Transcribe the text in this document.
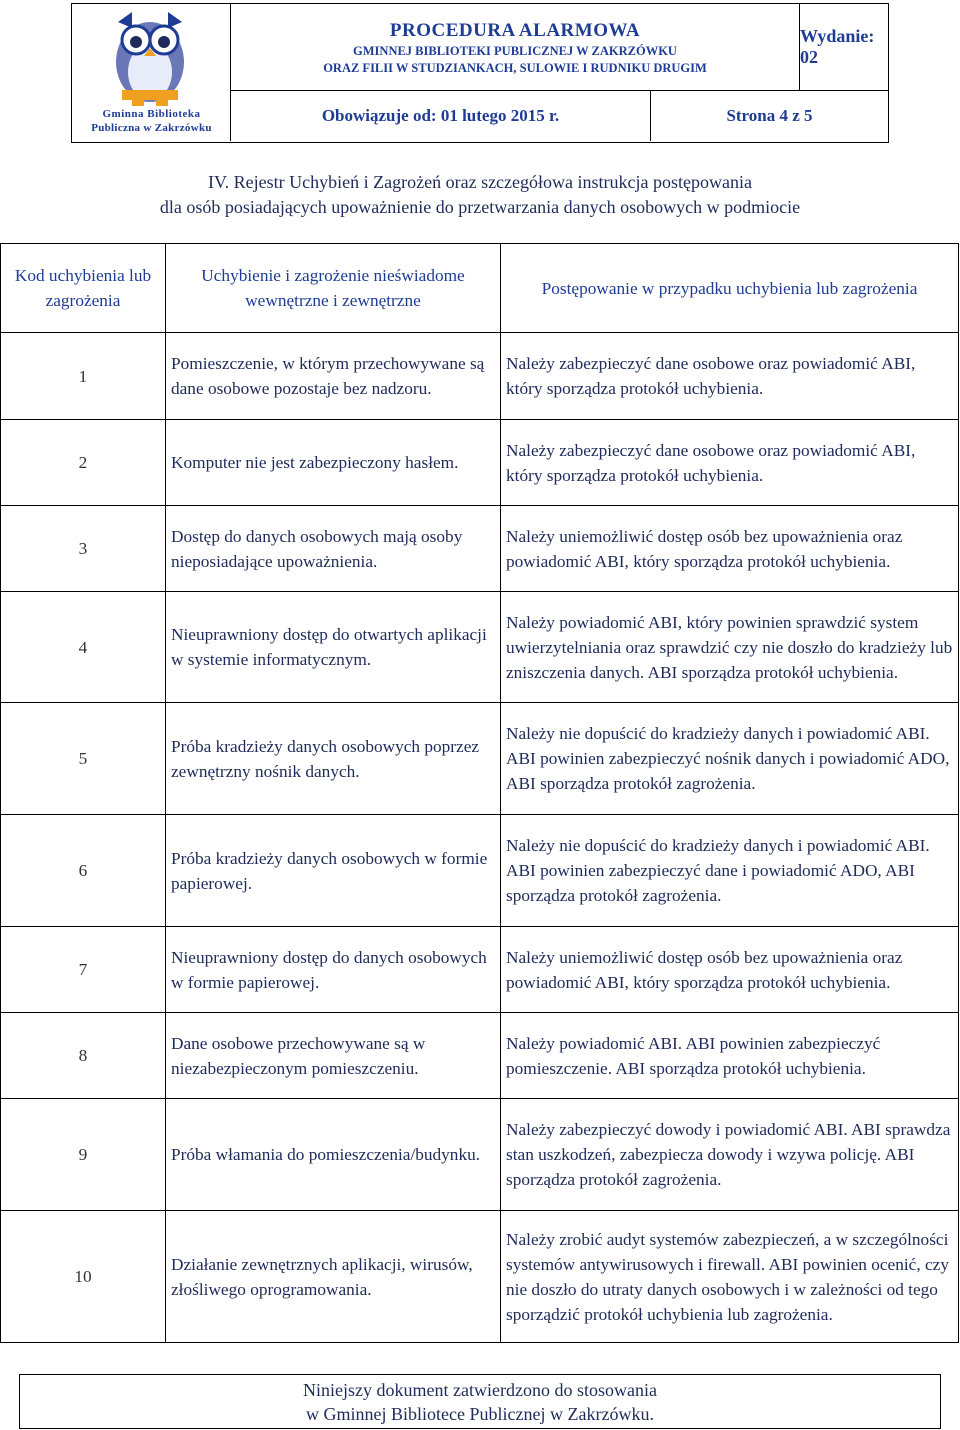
Gminna Biblioteka
Publiczna w Zakrzówku
PROCEDURA ALARMOWA
GMINNEJ BIBLIOTEKI PUBLICZNEJ W ZAKRZÓWKU
ORAZ FILII W STUDZIANKACH, SULOWIE I RUDNIKU DRUGIM
Wydanie: 02
Obowiązuje od: 01 lutego 2015 r.	Strona 4 z 5
IV. Rejestr Uchybień i Zagrożeń oraz szczegółowa instrukcja postępowania
dla osób posiadających upoważnienie do przetwarzania danych osobowych w podmiocie
Kod uchybienia lub zagrożenia	Uchybienie i zagrożenie nieświadome wewnętrzne i zewnętrzne	Postępowanie w przypadku uchybienia lub zagrożenia
1	Pomieszczenie, w którym przechowywane są dane osobowe pozostaje bez nadzoru.	Należy zabezpieczyć dane osobowe oraz powiadomić ABI, który sporządza protokół uchybienia.
2	Komputer nie jest zabezpieczony hasłem.	Należy zabezpieczyć dane osobowe oraz powiadomić ABI, który sporządza protokół uchybienia.
3	Dostęp do danych osobowych mają osoby nieposiadające upoważnienia.	Należy uniemożliwić dostęp osób bez upoważnienia oraz powiadomić ABI, który sporządza protokół uchybienia.
4	Nieuprawniony dostęp do otwartych aplikacji w systemie informatycznym.	Należy powiadomić ABI, który powinien sprawdzić system uwierzytelniania oraz sprawdzić czy nie doszło do kradzieży lub zniszczenia danych. ABI sporządza protokół uchybienia.
5	Próba kradzieży danych osobowych poprzez zewnętrzny nośnik danych.	Należy nie dopuścić do kradzieży danych i powiadomić ABI. ABI powinien zabezpieczyć nośnik danych i powiadomić ADO, ABI sporządza protokół zagrożenia.
6	Próba kradzieży danych osobowych w formie papierowej.	Należy nie dopuścić do kradzieży danych i powiadomić ABI. ABI powinien zabezpieczyć dane i powiadomić ADO, ABI sporządza protokół zagrożenia.
7	Nieuprawniony dostęp do danych osobowych w formie papierowej.	Należy uniemożliwić dostęp osób bez upoważnienia oraz powiadomić ABI, który sporządza protokół uchybienia.
8	Dane osobowe przechowywane są w niezabezpieczonym pomieszczeniu.	Należy powiadomić ABI. ABI powinien zabezpieczyć pomieszczenie. ABI sporządza protokół uchybienia.
9	Próba włamania do pomieszczenia/budynku.	Należy zabezpieczyć dowody i powiadomić ABI. ABI sprawdza stan uszkodzeń, zabezpiecza dowody i wzywa policję. ABI sporządza protokół zagrożenia.
10	Działanie zewnętrznych aplikacji, wirusów, złośliwego oprogramowania.	Należy zrobić audyt systemów zabezpieczeń, a w szczególności systemów antywirusowych i firewall. ABI powinien ocenić, czy nie doszło do utraty danych osobowych i w zależności od tego sporządzić protokół uchybienia lub zagrożenia.
Niniejszy dokument zatwierdzono do stosowania
w Gminnej Bibliotece Publicznej w Zakrzówku.
